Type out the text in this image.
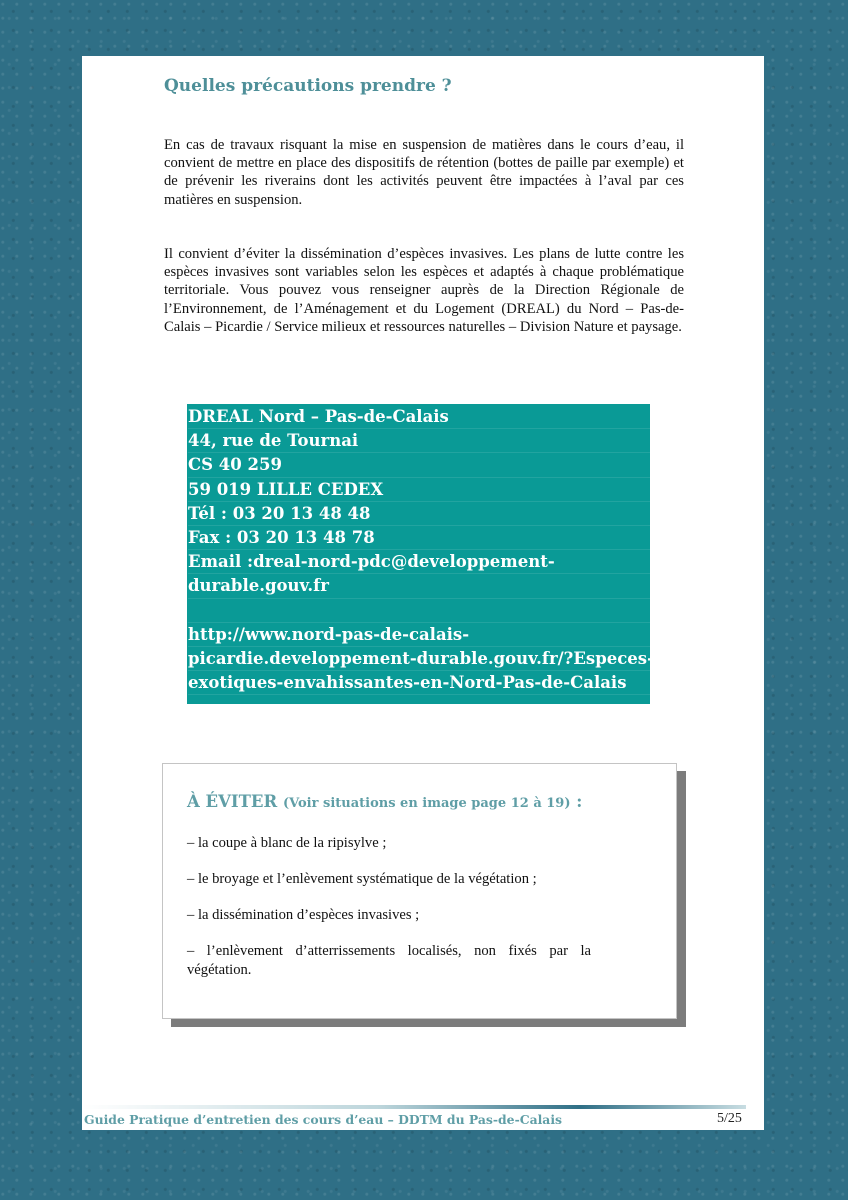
Quelles précautions prendre ?

En cas de travaux risquant la mise en suspension de matières dans le cours d’eau, il convient de mettre en place des dispositifs de rétention (bottes de paille par exemple) et de prévenir les riverains dont les activités peuvent être impactées à l’aval par ces matières en suspension.

Il convient d’éviter la dissémination d’espèces invasives. Les plans de lutte contre les espèces invasives sont variables selon les espèces et adaptés à chaque problématique territoriale. Vous pouvez vous renseigner auprès de la Direction Régionale de l’Environnement, de l’Aménagement et du Logement (DREAL) du Nord – Pas-de-Calais – Picardie / Service milieux et ressources naturelles – Division Nature et paysage.

DREAL Nord – Pas-de-Calais
44, rue de Tournai
CS 40 259
59 019 LILLE CEDEX
Tél : 03 20 13 48 48
Fax : 03 20 13 48 78
Email :dreal-nord-pdc@developpement-
durable.gouv.fr
http://www.nord-pas-de-calais-
picardie.developpement-durable.gouv.fr/?Especes-
exotiques-envahissantes-en-Nord-Pas-de-Calais

À ÉVITER (Voir situations en image page 12 à 19) :

– la coupe à blanc de la ripisylve ;

– le broyage et l’enlèvement systématique de la végétation ;

– la dissémination d’espèces invasives ;

– l’enlèvement d’atterrissements localisés, non fixés par la végétation.

Guide Pratique d’entretien des cours d’eau – DDTM du Pas-de-Calais	5/25
